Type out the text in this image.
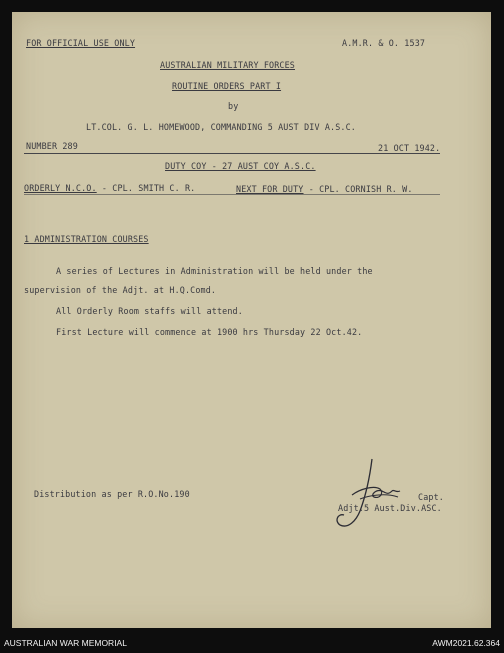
FOR OFFICIAL USE ONLY	A.M.R. & O. 1537
AUSTRALIAN MILITARY FORCES
ROUTINE ORDERS PART I
by
LT.COL. G. L. HOMEWOOD, COMMANDING 5 AUST DIV A.S.C.
NUMBER 289	21 OCT 1942.
DUTY COY - 27 AUST COY A.S.C.
ORDERLY N.C.O. - CPL. SMITH C. R.	NEXT FOR DUTY - CPL. CORNISH R. W.
1 ADMINISTRATION COURSES
A series of Lectures in Administration will be held under the
supervision of the Adjt. at H.Q.Comd.
All Orderly Room staffs will attend.
First Lecture will commence at 1900 hrs Thursday 22 Oct.42.
Distribution as per R.O.No.190	Capt.
Adjt.5 Aust.Div.ASC.
AUSTRALIAN WAR MEMORIAL	AWM2021.62.364
